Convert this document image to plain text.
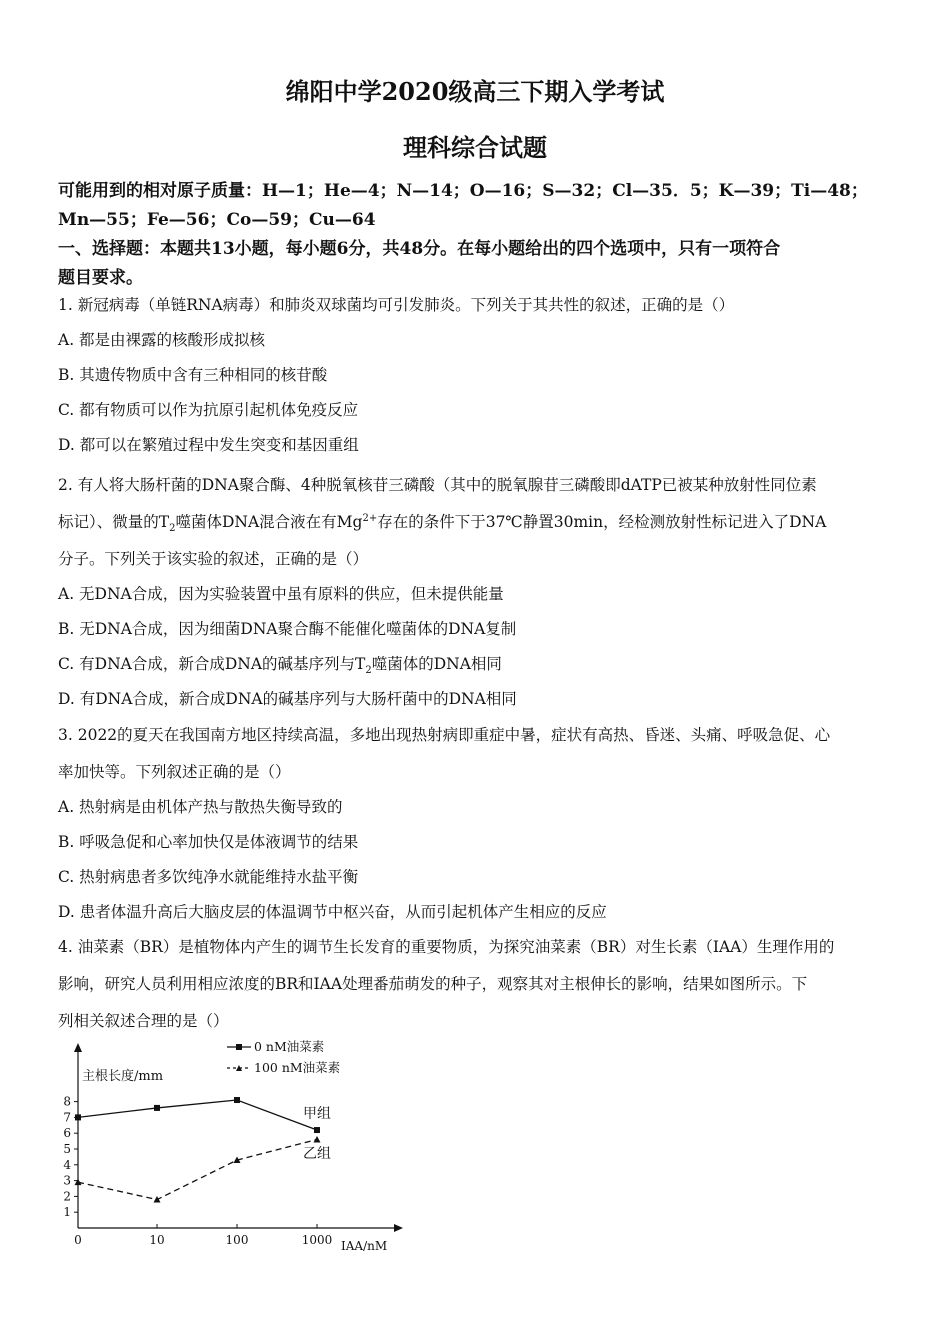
绵阳中学2020级高三下期入学考试
理科综合试题
可能用到的相对原子质量：H—1；He—4；N—14；O—16；S—32；Cl—35．5；K—39；Ti—48；
Mn—55；Fe—56；Co—59；Cu—64
一、选择题：本题共13小题，每小题6分，共48分。在每小题给出的四个选项中，只有一项符合
题目要求。
1. 新冠病毒（单链RNA病毒）和肺炎双球菌均可引发肺炎。下列关于其共性的叙述，正确的是（）
A. 都是由裸露的核酸形成拟核
B. 其遗传物质中含有三种相同的核苷酸
C. 都有物质可以作为抗原引起机体免疫反应
D. 都可以在繁殖过程中发生突变和基因重组
2. 有人将大肠杆菌的DNA聚合酶、4种脱氧核苷三磷酸（其中的脱氧腺苷三磷酸即dATP已被某种放射性同位素
标记）、微量的$T_2$噬菌体DNA混合液在有$Mg^{2+}$存在的条件下于37℃静置30min，经检测放射性标记进入了DNA
分子。下列关于该实验的叙述，正确的是（）
A. 无DNA合成，因为实验装置中虽有原料的供应，但未提供能量
B. 无DNA合成，因为细菌DNA聚合酶不能催化噬菌体的DNA复制
C. 有DNA合成，新合成DNA的碱基序列与$T_2$噬菌体的DNA相同
D. 有DNA合成，新合成DNA的碱基序列与大肠杆菌中的DNA相同
3. 2022的夏天在我国南方地区持续高温，多地出现热射病即重症中暑，症状有高热、昏迷、头痛、呼吸急促、心
率加快等。下列叙述正确的是（）
A. 热射病是由机体产热与散热失衡导致的
B. 呼吸急促和心率加快仅是体液调节的结果
C. 热射病患者多饮纯净水就能维持水盐平衡
D. 患者体温升高后大脑皮层的体温调节中枢兴奋，从而引起机体产生相应的反应
4. 油菜素（BR）是植物体内产生的调节生长发育的重要物质，为探究油菜素（BR）对生长素（IAA）生理作用的
影响，研究人员利用相应浓度的BR和IAA处理番茄萌发的种子，观察其对主根伸长的影响，结果如图所示。下
列相关叙述合理的是（）
1
2
3
4
5
6
7
8
主根长度/mm
0	10	100	1000 IAA/nM
甲组
乙组
0 nM油菜素
100 nM油菜素
